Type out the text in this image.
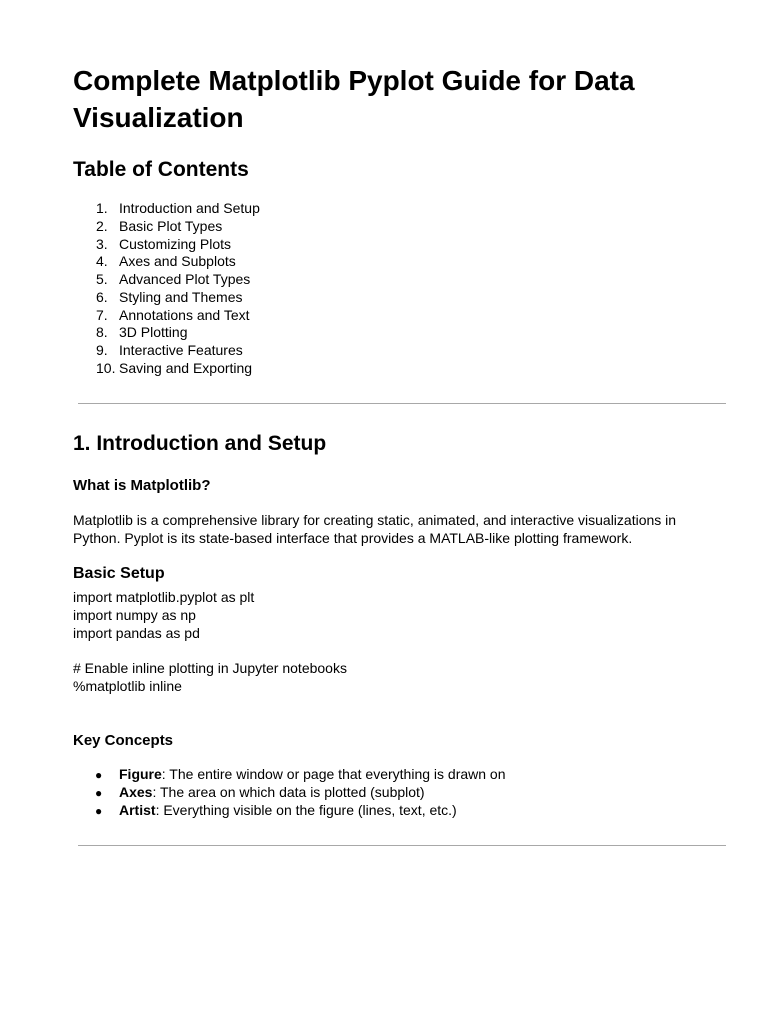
Complete Matplotlib Pyplot Guide for Data Visualization
Table of Contents
1. Introduction and Setup
2. Basic Plot Types
3. Customizing Plots
4. Axes and Subplots
5. Advanced Plot Types
6. Styling and Themes
7. Annotations and Text
8. 3D Plotting
9. Interactive Features
10. Saving and Exporting
1. Introduction and Setup
What is Matplotlib?

Matplotlib is a comprehensive library for creating static, animated, and interactive visualizations in Python. Pyplot is its state-based interface that provides a MATLAB-like plotting framework.

Basic Setup
import matplotlib.pyplot as plt
import numpy as np
import pandas as pd
# Enable inline plotting in Jupyter notebooks
%matplotlib inline
Key Concepts
● Figure: The entire window or page that everything is drawn on
● Axes: The area on which data is plotted (subplot)
● Artist: Everything visible on the figure (lines, text, etc.)
